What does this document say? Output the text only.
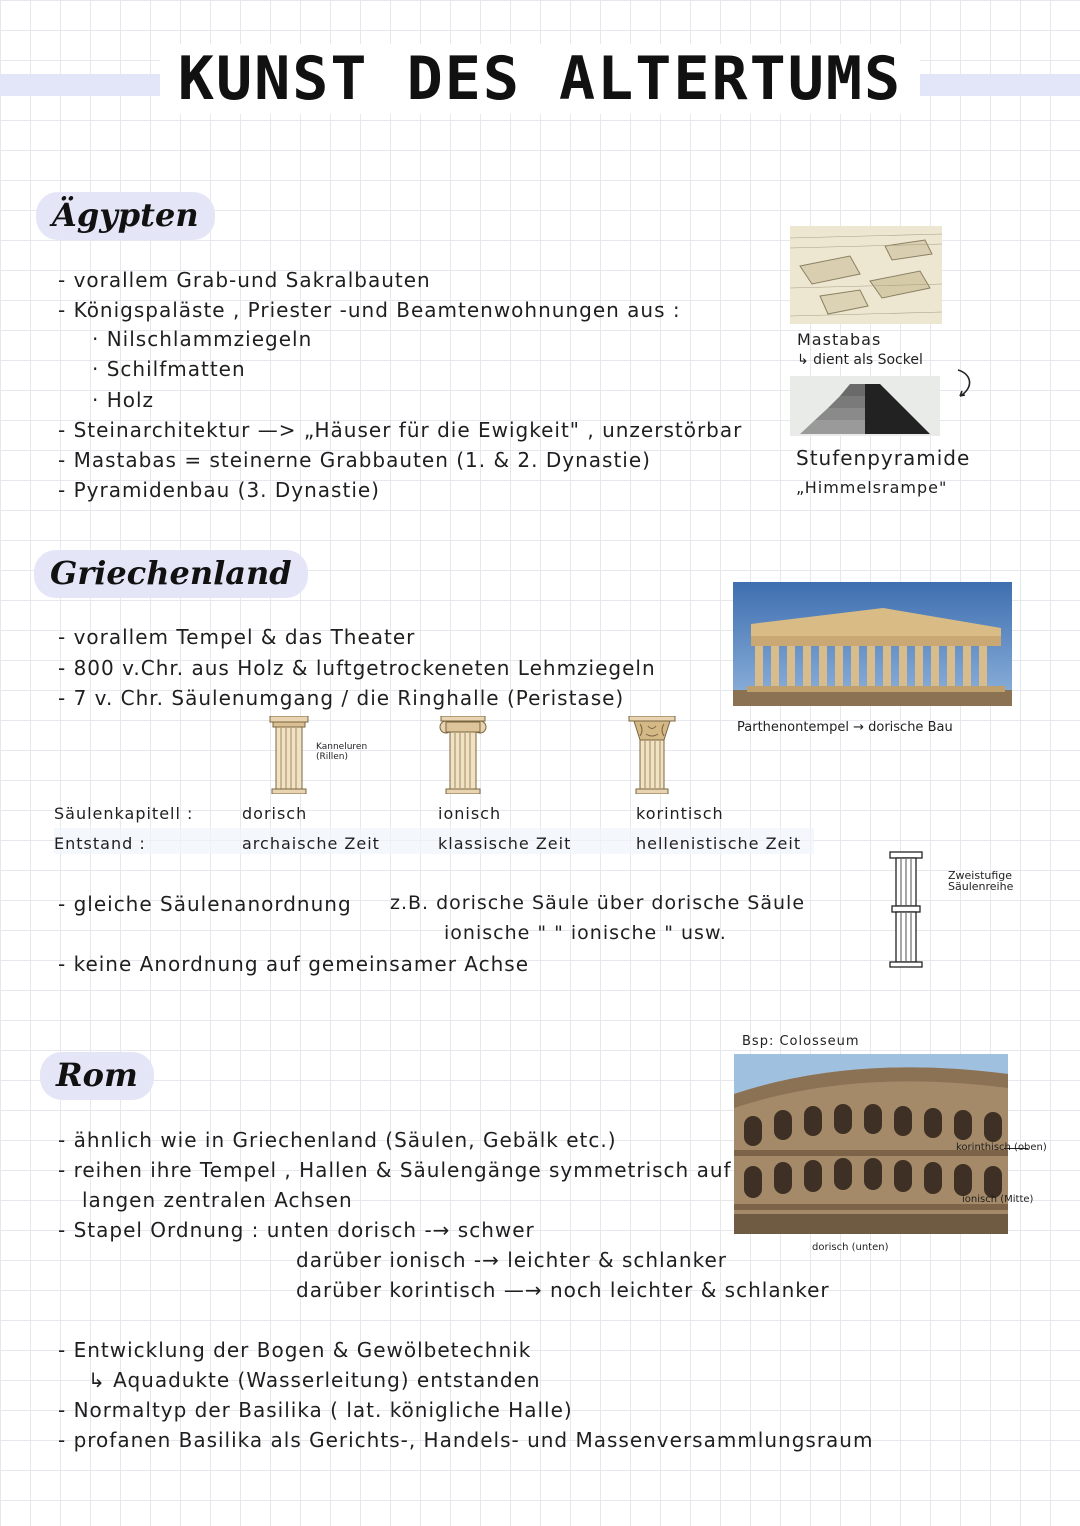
KUNST DES ALTERTUMS
Ägypten
- vorallem Grab-und Sakralbauten
- Königspaläste , Priester -und Beamtenwohnungen aus :
· Nilschlammziegeln
· Schilfmatten
· Holz
- Steinarchitektur —> „Häuser für die Ewigkeit" , unzerstörbar
- Mastabas = steinerne Grabbauten (1. & 2. Dynastie)
- Pyramidenbau (3. Dynastie)
Mastabas
↳ dient als Sockel
Stufenpyramide
„Himmelsrampe"
Griechenland
- vorallem Tempel & das Theater
- 800 v.Chr. aus Holz & luftgetrockeneten Lehmziegeln
- 7 v. Chr. Säulenumgang / die Ringhalle (Peristase)
Parthenontempel → dorische Bau
Kanneluren (Rillen)
Säulenkapitell :
Entstand :
dorisch
archaische Zeit
ionisch
klassische Zeit
korintisch
hellenistische Zeit
- gleiche Säulenanordnung z.B. dorische Säule über dorische Säule
ionische " " ionische " usw.
- keine Anordnung auf gemeinsamer Achse
Zweistufige Säulenreihe
Rom
Bsp: Colosseum
korinthisch (oben)
ionisch (Mitte)
dorisch (unten)
- ähnlich wie in Griechenland (Säulen, Gebälk etc.)
- reihen ihre Tempel , Hallen & Säulengänge symmetrisch auf
langen zentralen Achsen
- Stapel Ordnung : unten dorisch -→ schwer
darüber ionisch -→ leichter & schlanker
darüber korintisch —→ noch leichter & schlanker
- Entwicklung der Bogen & Gewölbetechnik
↳ Aquadukte (Wasserleitung) entstanden
- Normaltyp der Basilika ( lat. königliche Halle)
- profanen Basilika als Gerichts-, Handels- und Massenversammlungsraum
